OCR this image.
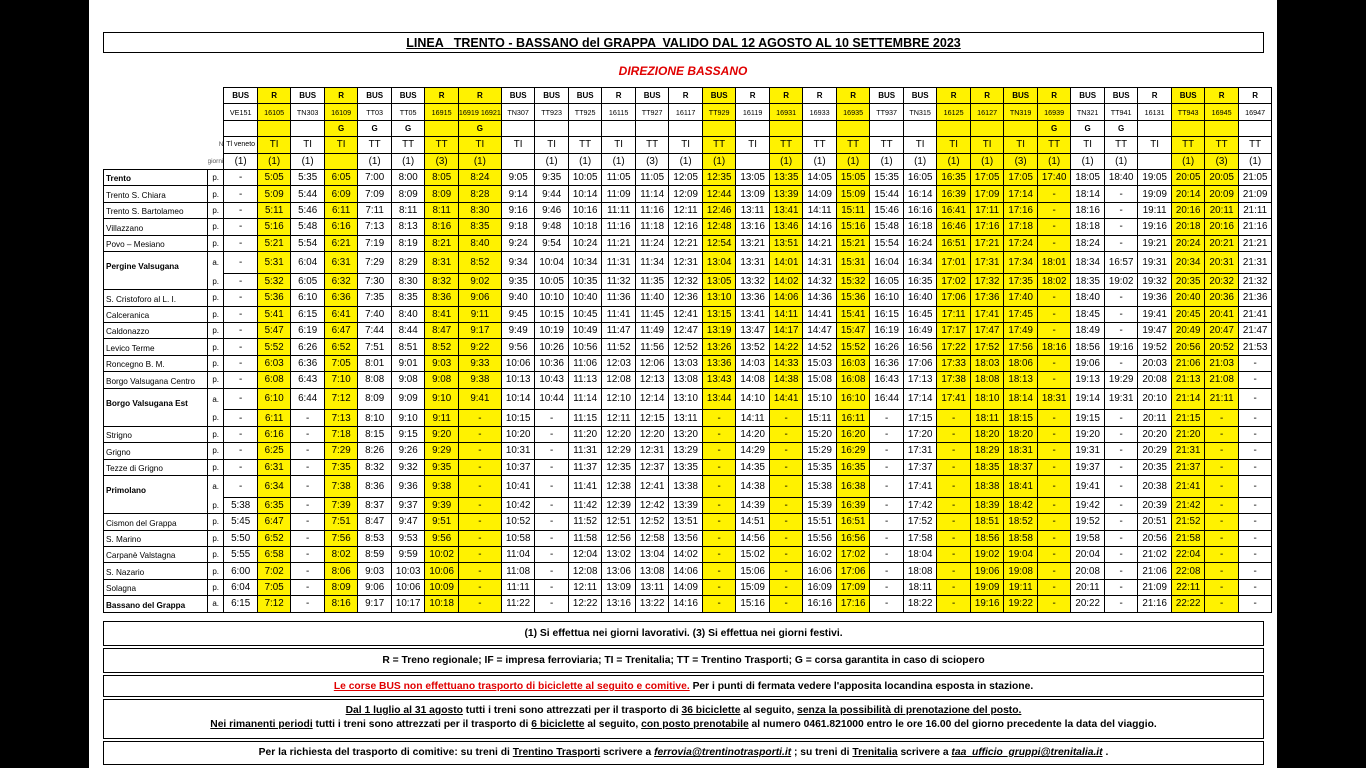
LINEA   TRENTO - BASSANO del GRAPPA  VALIDO DAL 12 AGOSTO AL 10 SETTEMBRE 2023
DIREZIONE BASSANO
		BUS	R	BUS	R	BUS	BUS	R	R	BUS	BUS	BUS	R	BUS	R	BUS	R	R	R	R	BUS	BUS	R	R	BUS	R	BUS	BUS	R	BUS	R	R
		VE151	16105	TN303	16109	TT03	TT05	16915	16919 16921	TN307	TT923	TT925	16115	TT927	16117	TT929	16119	16931	16933	16935	TT937	TN315	16125	16127	TN319	16939	TN321	TT941	16131	TT943	16945	16947
					G	G	G		G																	G	G	G				
	N	Tl veneto	TI	TI	TI	TT	TT	TT	TI	TI	TI	TT	TI	TT	TI	TT	TI	TT	TT	TT	TT	TI	TI	TI	TI	TT	TI	TT	TI	TT	TT	TT
	giorni	(1)	(1)	(1)		(1)	(1)	(3)	(1)		(1)	(1)	(1)	(3)	(1)	(1)		(1)	(1)	(1)	(1)	(1)	(1)	(1)	(3)	(1)	(1)	(1)		(1)	(3)	(1)
Trento	p.	-	5:05	5:35	6:05	7:00	8:00	8:05	8:24	9:05	9:35	10:05	11:05	11:05	12:05	12:35	13:05	13:35	14:05	15:05	15:35	16:05	16:35	17:05	17:05	17:40	18:05	18:40	19:05	20:05	20:05	21:05
Trento S. Chiara	p.	-	5:09	5:44	6:09	7:09	8:09	8:09	8:28	9:14	9:44	10:14	11:09	11:14	12:09	12:44	13:09	13:39	14:09	15:09	15:44	16:14	16:39	17:09	17:14	-	18:14	-	19:09	20:14	20:09	21:09
Trento S. Bartolameo	p.	-	5:11	5:46	6:11	7:11	8:11	8:11	8:30	9:16	9:46	10:16	11:11	11:16	12:11	12:46	13:11	13:41	14:11	15:11	15:46	16:16	16:41	17:11	17:16	-	18:16	-	19:11	20:16	20:11	21:11
Villazzano	p.	-	5:16	5:48	6:16	7:13	8:13	8:16	8:35	9:18	9:48	10:18	11:16	11:18	12:16	12:48	13:16	13:46	14:16	15:16	15:48	16:18	16:46	17:16	17:18	-	18:18	-	19:16	20:18	20:16	21:16
Povo – Mesiano	p.	-	5:21	5:54	6:21	7:19	8:19	8:21	8:40	9:24	9:54	10:24	11:21	11:24	12:21	12:54	13:21	13:51	14:21	15:21	15:54	16:24	16:51	17:21	17:24	-	18:24	-	19:21	20:24	20:21	21:21
Pergine Valsugana	a.	-	5:31	6:04	6:31	7:29	8:29	8:31	8:52	9:34	10:04	10:34	11:31	11:34	12:31	13:04	13:31	14:01	14:31	15:31	16:04	16:34	17:01	17:31	17:34	18:01	18:34	16:57	19:31	20:34	20:31	21:31
	p.	-	5:32	6:05	6:32	7:30	8:30	8:32	9:02	9:35	10:05	10:35	11:32	11:35	12:32	13:05	13:32	14:02	14:32	15:32	16:05	16:35	17:02	17:32	17:35	18:02	18:35	19:02	19:32	20:35	20:32	21:32
S. Cristoforo al L. I.	p.	-	5:36	6:10	6:36	7:35	8:35	8:36	9:06	9:40	10:10	10:40	11:36	11:40	12:36	13:10	13:36	14:06	14:36	15:36	16:10	16:40	17:06	17:36	17:40	-	18:40	-	19:36	20:40	20:36	21:36
Calceranica	p.	-	5:41	6:15	6:41	7:40	8:40	8:41	9:11	9:45	10:15	10:45	11:41	11:45	12:41	13:15	13:41	14:11	14:41	15:41	16:15	16:45	17:11	17:41	17:45	-	18:45	-	19:41	20:45	20:41	21:41
Caldonazzo	p.	-	5:47	6:19	6:47	7:44	8:44	8:47	9:17	9:49	10:19	10:49	11:47	11:49	12:47	13:19	13:47	14:17	14:47	15:47	16:19	16:49	17:17	17:47	17:49	-	18:49	-	19:47	20:49	20:47	21:47
Levico Terme	p.	-	5:52	6:26	6:52	7:51	8:51	8:52	9:22	9:56	10:26	10:56	11:52	11:56	12:52	13:26	13:52	14:22	14:52	15:52	16:26	16:56	17:22	17:52	17:56	18:16	18:56	19:16	19:52	20:56	20:52	21:53
Roncegno B. M.	p.	-	6:03	6:36	7:05	8:01	9:01	9:03	9:33	10:06	10:36	11:06	12:03	12:06	13:03	13:36	14:03	14:33	15:03	16:03	16:36	17:06	17:33	18:03	18:06	-	19:06	-	20:03	21:06	21:03	-
Borgo Valsugana Centro	p.	-	6:08	6:43	7:10	8:08	9:08	9:08	9:38	10:13	10:43	11:13	12:08	12:13	13:08	13:43	14:08	14:38	15:08	16:08	16:43	17:13	17:38	18:08	18:13	-	19:13	19:29	20:08	21:13	21:08	-
Borgo Valsugana Est	a.	-	6:10	6:44	7:12	8:09	9:09	9:10	9:41	10:14	10:44	11:14	12:10	12:14	13:10	13:44	14:10	14:41	15:10	16:10	16:44	17:14	17:41	18:10	18:14	18:31	19:14	19:31	20:10	21:14	21:11	-
	p.	-	6:11	-	7:13	8:10	9:10	9:11	-	10:15	-	11:15	12:11	12:15	13:11	-	14:11	-	15:11	16:11	-	17:15	-	18:11	18:15	-	19:15	-	20:11	21:15	-	-
Strigno	p.	-	6:16	-	7:18	8:15	9:15	9:20	-	10:20	-	11:20	12:20	12:20	13:20	-	14:20	-	15:20	16:20	-	17:20	-	18:20	18:20	-	19:20	-	20:20	21:20	-	-
Grigno	p.	-	6:25	-	7:29	8:26	9:26	9:29	-	10:31	-	11:31	12:29	12:31	13:29	-	14:29	-	15:29	16:29	-	17:31	-	18:29	18:31	-	19:31	-	20:29	21:31	-	-
Tezze di Grigno	p.	-	6:31	-	7:35	8:32	9:32	9:35	-	10:37	-	11:37	12:35	12:37	13:35	-	14:35	-	15:35	16:35	-	17:37	-	18:35	18:37	-	19:37	-	20:35	21:37	-	-
Primolano	a.	-	6:34	-	7:38	8:36	9:36	9:38	-	10:41	-	11:41	12:38	12:41	13:38	-	14:38	-	15:38	16:38	-	17:41	-	18:38	18:41	-	19:41	-	20:38	21:41	-	-
	p.	5:38	6:35	-	7:39	8:37	9:37	9:39	-	10:42	-	11:42	12:39	12:42	13:39	-	14:39	-	15:39	16:39	-	17:42	-	18:39	18:42	-	19:42	-	20:39	21:42	-	-
Cismon del Grappa	p.	5:45	6:47	-	7:51	8:47	9:47	9:51	-	10:52	-	11:52	12:51	12:52	13:51	-	14:51	-	15:51	16:51	-	17:52	-	18:51	18:52	-	19:52	-	20:51	21:52	-	-
S. Marino	p.	5:50	6:52	-	7:56	8:53	9:53	9:56	-	10:58	-	11:58	12:56	12:58	13:56	-	14:56	-	15:56	16:56	-	17:58	-	18:56	18:58	-	19:58	-	20:56	21:58	-	-
Carpanè Valstagna	p.	5:55	6:58	-	8:02	8:59	9:59	10:02	-	11:04	-	12:04	13:02	13:04	14:02	-	15:02	-	16:02	17:02	-	18:04	-	19:02	19:04	-	20:04	-	21:02	22:04	-	-
S. Nazario	p.	6:00	7:02	-	8:06	9:03	10:03	10:06	-	11:08	-	12:08	13:06	13:08	14:06	-	15:06	-	16:06	17:06	-	18:08	-	19:06	19:08	-	20:08	-	21:06	22:08	-	-
Solagna	p.	6:04	7:05	-	8:09	9:06	10:06	10:09	-	11:11	-	12:11	13:09	13:11	14:09	-	15:09	-	16:09	17:09	-	18:11	-	19:09	19:11	-	20:11	-	21:09	22:11	-	-
Bassano del Grappa	a.	6:15	7:12	-	8:16	9:17	10:17	10:18	-	11:22	-	12:22	13:16	13:22	14:16	-	15:16	-	16:16	17:16	-	18:22	-	19:16	19:22	-	20:22	-	21:16	22:22	-	-
(1) Si effettua nei giorni lavorativi. (3) Si effettua nei giorni festivi.
R = Treno regionale; IF = impresa ferroviaria; TI = Trenitalia; TT = Trentino Trasporti; G = corsa garantita in caso di sciopero
Le corse BUS non effettuano trasporto di biciclette al seguito e comitive. Per i punti di fermata vedere l'apposita locandina esposta in stazione.
Dal 1 luglio al 31 agosto tutti i treni sono attrezzati per il trasporto di 36 biciclette al seguito, senza la possibilità di prenotazione del posto.
Nei rimanenti periodi tutti i treni sono attrezzati per il trasporto di 6 biciclette al seguito, con posto prenotabile al numero 0461.821000 entro le ore 16.00 del giorno precedente la data del viaggio.
Per la richiesta del trasporto di comitive: su treni di Trentino Trasporti scrivere a ferrovia@trentinotrasporti.it ; su treni di Trenitalia scrivere a taa_ufficio_gruppi@trenitalia.it .
